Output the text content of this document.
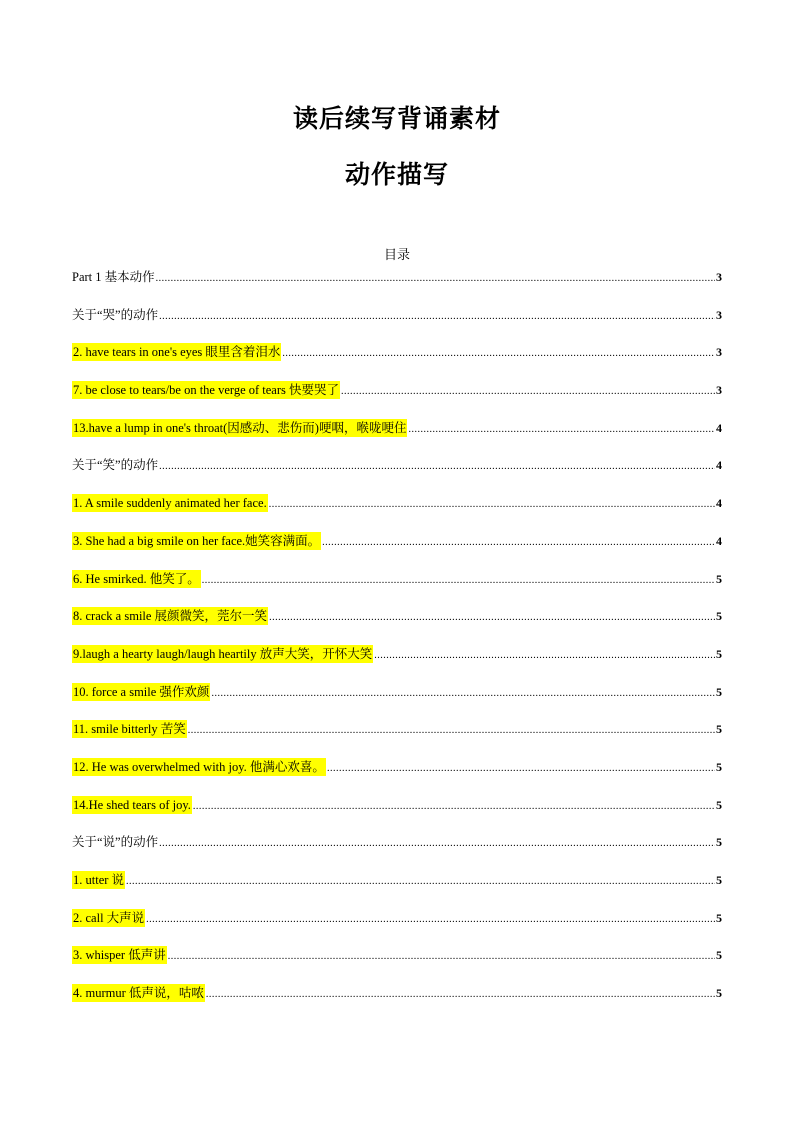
读后续写背诵素材
动作描写
目录
Part 1 基本动作 .....	3
关于“哭”的动作 .....	3
2. have tears in one's eyes 眼里含着泪水 .....	3
7. be close to tears/be on the verge of tears 快要哭了 .....	3
13.have a lump in one's throat(因感动、悲伤而)哽咽，喉咙哽住 .....	4
关于“笑”的动作 .....	4
1. A smile suddenly animated her face. .....	4
3. She had a big smile on her face.她笑容满面。 .....	4
6. He smirked. 他笑了。 .....	5
8. crack a smile 展颜微笑，莞尔一笑 .....	5
9.laugh a hearty laugh/laugh heartily 放声大笑，开怀大笑 .....	5
10. force a smile 强作欢颜 .....	5
11. smile bitterly 苦笑 .....	5
12. He was overwhelmed with joy. 他满心欢喜。 .....	5
14.He shed tears of joy. .....	5
关于“说”的动作 .....	5
1. utter 说 .....	5
2. call 大声说 .....	5
3. whisper 低声讲 .....	5
4. murmur 低声说，咕哝 .....	5
